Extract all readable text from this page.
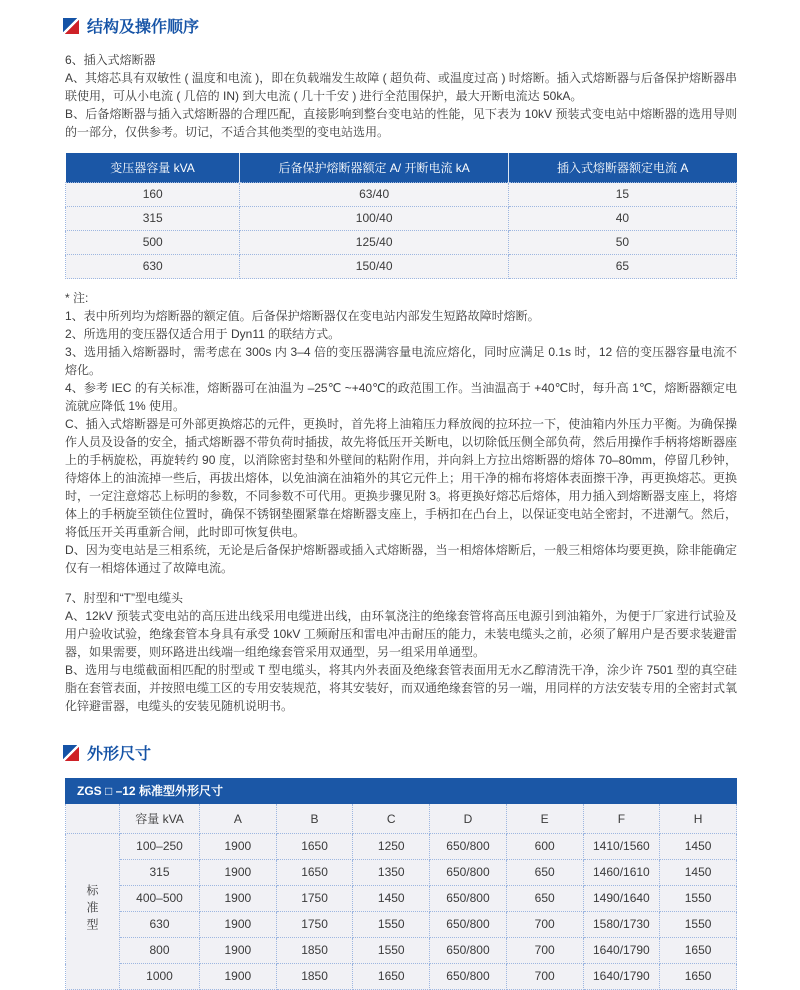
结构及操作顺序

6、插入式熔断器

A、其熔芯具有双敏性 ( 温度和电流 )，即在负载端发生故障 ( 超负荷、或温度过高 ) 时熔断。插入式熔断器与后备保护熔断器串联使用，可从小电流 ( 几倍的 IN) 到大电流 ( 几十千安 ) 进行全范围保护，最大开断电流达 50kA。

B、后备熔断器与插入式熔断器的合理匹配，直接影响到整台变电站的性能，见下表为 10kV 预装式变电站中熔断器的选用导则的一部分，仅供参考。切记，不适合其他类型的变电站选用。

变压器容量 kVA	后备保护熔断器额定 A/ 开断电流 kA	插入式熔断器额定电流 A
160	63/40	15
315	100/40	40
500	125/40	50
630	150/40	65

* 注:

1、表中所列均为熔断器的额定值。后备保护熔断器仅在变电站内部发生短路故障时熔断。

2、所选用的变压器仅适合用于 Dyn11 的联结方式。

3、选用插入熔断器时，需考虑在 300s 内 3–4 倍的变压器满容量电流应熔化，同时应满足 0.1s 时，12 倍的变压器容量电流不熔化。

4、参考 IEC 的有关标准，熔断器可在油温为 –25℃ ~+40℃的政范围工作。当油温高于 +40℃时，每升高 1℃，熔断器额定电流就应降低 1% 使用。

C、插入式熔断器是可外部更换熔芯的元件，更换时，首先将上油箱压力释放阀的拉环拉一下，使油箱内外压力平衡。为确保操作人员及设备的安全，插式熔断器不带负荷时插拔，故先将低压开关断电，以切除低压侧全部负荷，然后用操作手柄将熔断器座上的手柄旋松，再旋转约 90 度，以消除密封垫和外壁间的粘附作用，并向斜上方拉出熔断器的熔体 70–80mm，停留几秒钟，待熔体上的油流掉一些后，再拔出熔体，以免油滴在油箱外的其它元件上；用干净的棉布将熔体表面擦干净，再更换熔芯。更换时，一定注意熔芯上标明的参数，不同参数不可代用。更换步骤见附 3。将更换好熔芯后熔体，用力插入到熔断器支座上，将熔体上的手柄旋至锁住位置时，确保不锈钢垫圈紧靠在熔断器支座上，手柄扣在凸台上，以保证变电站全密封，不进潮气。然后，将低压开关再重新合闸，此时即可恢复供电。

D、因为变电站是三相系统，无论是后备保护熔断器或插入式熔断器，当一相熔体熔断后，一般三相熔体均要更换，除非能确定仅有一相熔体通过了故障电流。

7、肘型和“T”型电缆头

A、12kV 预装式变电站的高压进出线采用电缆进出线，由环氧浇注的绝缘套管将高压电源引到油箱外，为便于厂家进行试验及用户验收试验，绝缘套管本身具有承受 10kV 工频耐压和雷电冲击耐压的能力，未装电缆头之前，必须了解用户是否要求装避雷器，如果需要，则环路进出线端一组绝缘套管采用双通型，另一组采用单通型。

B、选用与电缆截面相匹配的肘型或 T 型电缆头，将其内外表面及绝缘套管表面用无水乙醇清洗干净，涂少许 7501 型的真空硅脂在套管表面，并按照电缆工区的专用安装规范，将其安装好，而双通绝缘套管的另一端，用同样的方法安装专用的全密封式氧化锌避雷器，电缆头的安装见随机说明书。

外形尺寸
ZGS □ –12 标准型外形尺寸
	容量 kVA	A	B	C	D	E	F	H
标准型	100–250	1900	1650	1250	650/800	600	1410/1560	1450
	315	1900	1650	1350	650/800	650	1460/1610	1450
	400–500	1900	1750	1450	650/800	650	1490/1640	1550
	630	1900	1750	1550	650/800	700	1580/1730	1550
	800	1900	1850	1550	650/800	700	1640/1790	1650
	1000	1900	1850	1650	650/800	700	1640/1790	1650
